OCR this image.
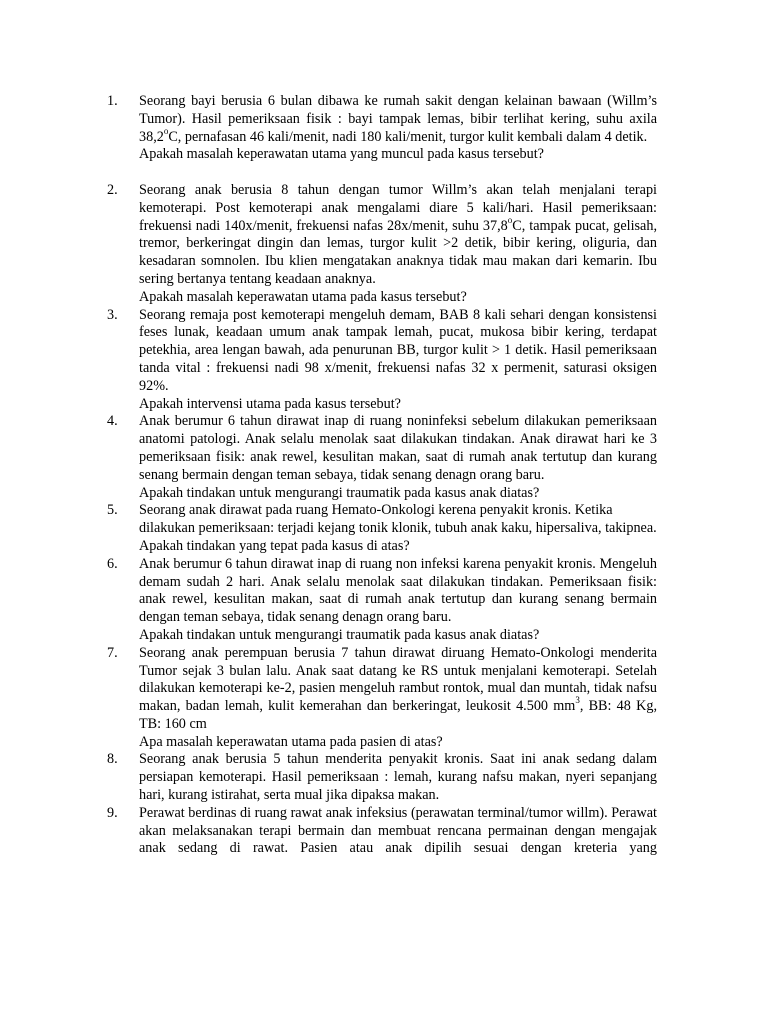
1.	Seorang bayi berusia 6 bulan dibawa ke rumah sakit dengan kelainan bawaan (Willm’s Tumor). Hasil pemeriksaan fisik : bayi tampak lemas, bibir terlihat kering, suhu axila 38,2$^o$C, pernafasan 46 kali/menit, nadi 180 kali/menit, turgor kulit kembali dalam 4 detik.

Apakah masalah keperawatan utama yang muncul pada kasus tersebut?

2.	Seorang anak berusia 8 tahun dengan tumor Willm’s akan telah menjalani terapi kemoterapi. Post kemoterapi anak mengalami diare 5 kali/hari. Hasil pemeriksaan: frekuensi nadi 140x/menit, frekuensi nafas 28x/menit, suhu 37,8$^o$C, tampak pucat, gelisah, tremor, berkeringat dingin dan lemas, turgor kulit >2 detik, bibir kering, oliguria, dan kesadaran somnolen. Ibu klien mengatakan anaknya tidak mau makan dari kemarin. Ibu sering bertanya tentang keadaan anaknya.

Apakah masalah keperawatan utama pada kasus tersebut?

3.	Seorang remaja post kemoterapi mengeluh demam, BAB 8 kali sehari dengan konsistensi feses lunak, keadaan umum anak tampak lemah, pucat, mukosa bibir kering, terdapat petekhia, area lengan bawah, ada penurunan BB, turgor kulit > 1 detik. Hasil pemeriksaan tanda vital : frekuensi nadi 98 x/menit, frekuensi nafas 32 x permenit, saturasi oksigen 92%.

Apakah intervensi utama pada kasus tersebut?

4.	Anak berumur 6 tahun dirawat inap di ruang noninfeksi sebelum dilakukan pemeriksaan anatomi patologi. Anak selalu menolak saat dilakukan tindakan. Anak dirawat hari ke 3 pemeriksaan fisik: anak rewel, kesulitan makan, saat di rumah anak tertutup dan kurang senang bermain dengan teman sebaya, tidak senang denagn orang baru.

Apakah tindakan untuk mengurangi traumatik pada kasus anak diatas?

5.	Seorang anak dirawat pada ruang Hemato-Onkologi kerena penyakit kronis. Ketika dilakukan pemeriksaan: terjadi kejang tonik klonik, tubuh anak kaku, hipersaliva, takipnea.

Apakah tindakan yang tepat pada kasus di atas?

6.	Anak berumur 6 tahun dirawat inap di ruang non infeksi karena penyakit kronis. Mengeluh demam sudah 2 hari. Anak selalu menolak saat dilakukan tindakan. Pemeriksaan fisik: anak rewel, kesulitan makan, saat di rumah anak tertutup dan kurang senang bermain dengan teman sebaya, tidak senang denagn orang baru.

Apakah tindakan untuk mengurangi traumatik pada kasus anak diatas?

7.	Seorang anak perempuan berusia 7 tahun dirawat diruang Hemato-Onkologi menderita Tumor sejak 3 bulan lalu. Anak saat datang ke RS untuk menjalani kemoterapi. Setelah dilakukan kemoterapi ke-2, pasien mengeluh rambut rontok, mual dan muntah, tidak nafsu makan, badan lemah, kulit kemerahan dan berkeringat, leukosit 4.500 $mm^3$, BB: 48 Kg, TB: 160 cm

Apa masalah keperawatan utama pada pasien di atas?

8.	Seorang anak berusia 5 tahun menderita penyakit kronis. Saat ini anak sedang dalam persiapan kemoterapi. Hasil pemeriksaan : lemah, kurang nafsu makan, nyeri sepanjang hari, kurang istirahat, serta mual jika dipaksa makan.

9.	Perawat berdinas di ruang rawat anak infeksius (perawatan terminal/tumor willm). Perawat akan melaksanakan terapi bermain dan membuat rencana permainan dengan mengajak anak sedang di rawat. Pasien atau anak dipilih sesuai dengan kreteria yang
